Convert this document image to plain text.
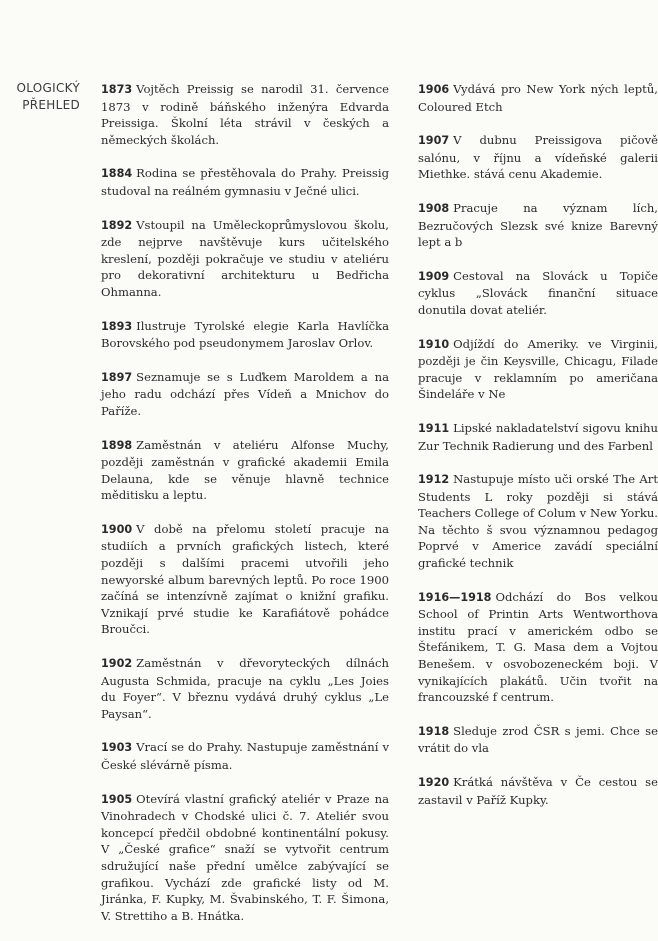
OLOGICKÝ
PŘEHLED

1873 Vojtěch Preissig se narodil 31. července 1873 v rodině báňského inženýra Edvarda Preissiga. Školní léta strávil v českých a německých školách.

1884 Rodina se přestěhovala do Prahy. Preissig studoval na reálném gymnasiu v Ječné ulici.

1892 Vstoupil na Uměleckoprůmyslovou školu, zde nejprve navštěvuje kurs učitelského kreslení, později pokračuje ve studiu v ateliéru pro dekorativní architekturu u Bedřicha Ohmanna.

1893 Ilustruje Tyrolské elegie Karla Havlíčka Borovského pod pseudonymem Jaroslav Orlov.

1897 Seznamuje se s Luďkem Maroldem a na jeho radu odchází přes Vídeň a Mnichov do Paříže.

1898 Zaměstnán v ateliéru Alfonse Muchy, později zaměstnán v grafické akademii Emila Delauna, kde se věnuje hlavně technice měditisku a leptu.

1900 V době na přelomu století pracuje na studiích a prvních grafických listech, které později s dalšími pracemi utvořili jeho newyorské album barevných leptů. Po roce 1900 začíná se intenzívně zajímat o knižní grafiku. Vznikají prvé studie ke Karafiátově pohádce Broučci.

1902 Zaměstnán v dřevoryteckých dílnách Augusta Schmida, pracuje na cyklu „Les Joies du Foyer“. V březnu vydává druhý cyklus „Le Paysan“.

1903 Vrací se do Prahy. Nastupuje zaměstnání v České slévárně písma.

1905 Otevírá vlastní grafický ateliér v Praze na Vinohradech v Chodské ulici č. 7. Ateliér svou koncepcí předčil obdobné kontinentální pokusy. V „České grafice“ snaží se vytvořit centrum sdružující naše přední umělce zabývající se grafikou. Vychází zde grafické listy od M. Jiránka, F. Kupky, M. Švabinského, T. F. Šimona, V. Strettiho a B. Hnátka.

1906 Vydává pro New York ných leptů, Coloured Etch

1907 V dubnu Preissigova pičově salónu, v říjnu a vídeňské galerii Miethke. stává cenu Akademie.

1908 Pracuje na význam lích, Bezručových Slezsk své knize Barevný lept a b

1909 Cestoval na Slováck u Topiče cyklus „Slováck finanční situace donutila dovat ateliér.

1910 Odjíždí do Ameriky. ve Virginii, později je čin Keysville, Chicagu, Filade pracuje v reklamním po američana Šindeláře v Ne

1911 Lipské nakladatelství sigovu knihu Zur Technik Radierung und des Farbenl

1912 Nastupuje místo uči orské The Art Students L roky později si stává Teachers College of Colum v New Yorku. Na těchto š svou významnou pedagog Poprvé v Americe zavádí speciální grafické technik

1916—1918 Odchází do Bos velkou School of Printin Arts Wentworthova institu prací v americkém odbo se Štefánikem, T. G. Masa dem a Vojtou Benešem. v osvobozeneckém boji. V vynikajících plakátů. Učin tvořit na francouzské f centrum.

1918 Sleduje zrod ČSR s jemi. Chce se vrátit do vla

1920 Krátká návštěva v Če cestou se zastavil v Paříž Kupky.
